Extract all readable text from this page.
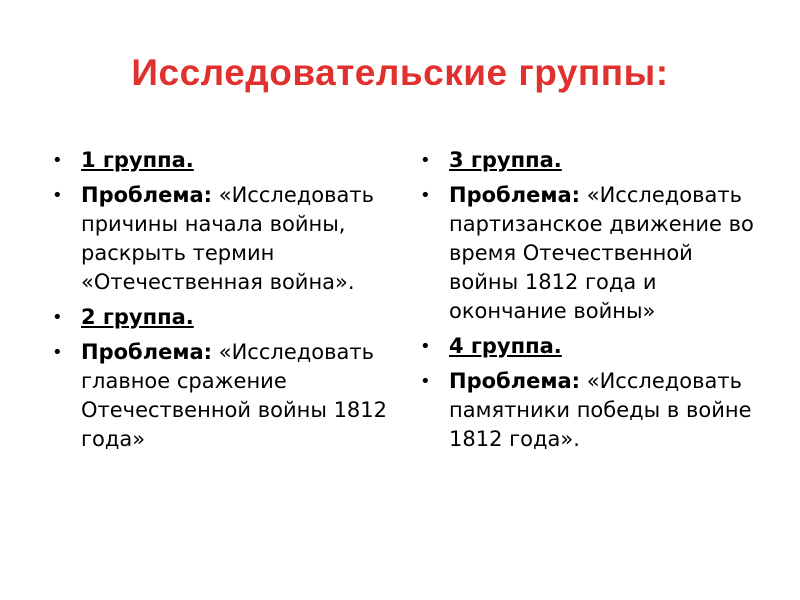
Исследовательские группы:
• 1 группа.
• Проблема: «Исследовать причины начала войны, раскрыть термин «Отечественная война».
• 2 группа.
• Проблема: «Исследовать главное сражение Отечественной войны 1812 года»
• 3 группа.
• Проблема: «Исследовать партизанское движение во время Отечественной войны 1812 года и окончание войны»
• 4 группа.
• Проблема: «Исследовать памятники победы в войне 1812 года».
